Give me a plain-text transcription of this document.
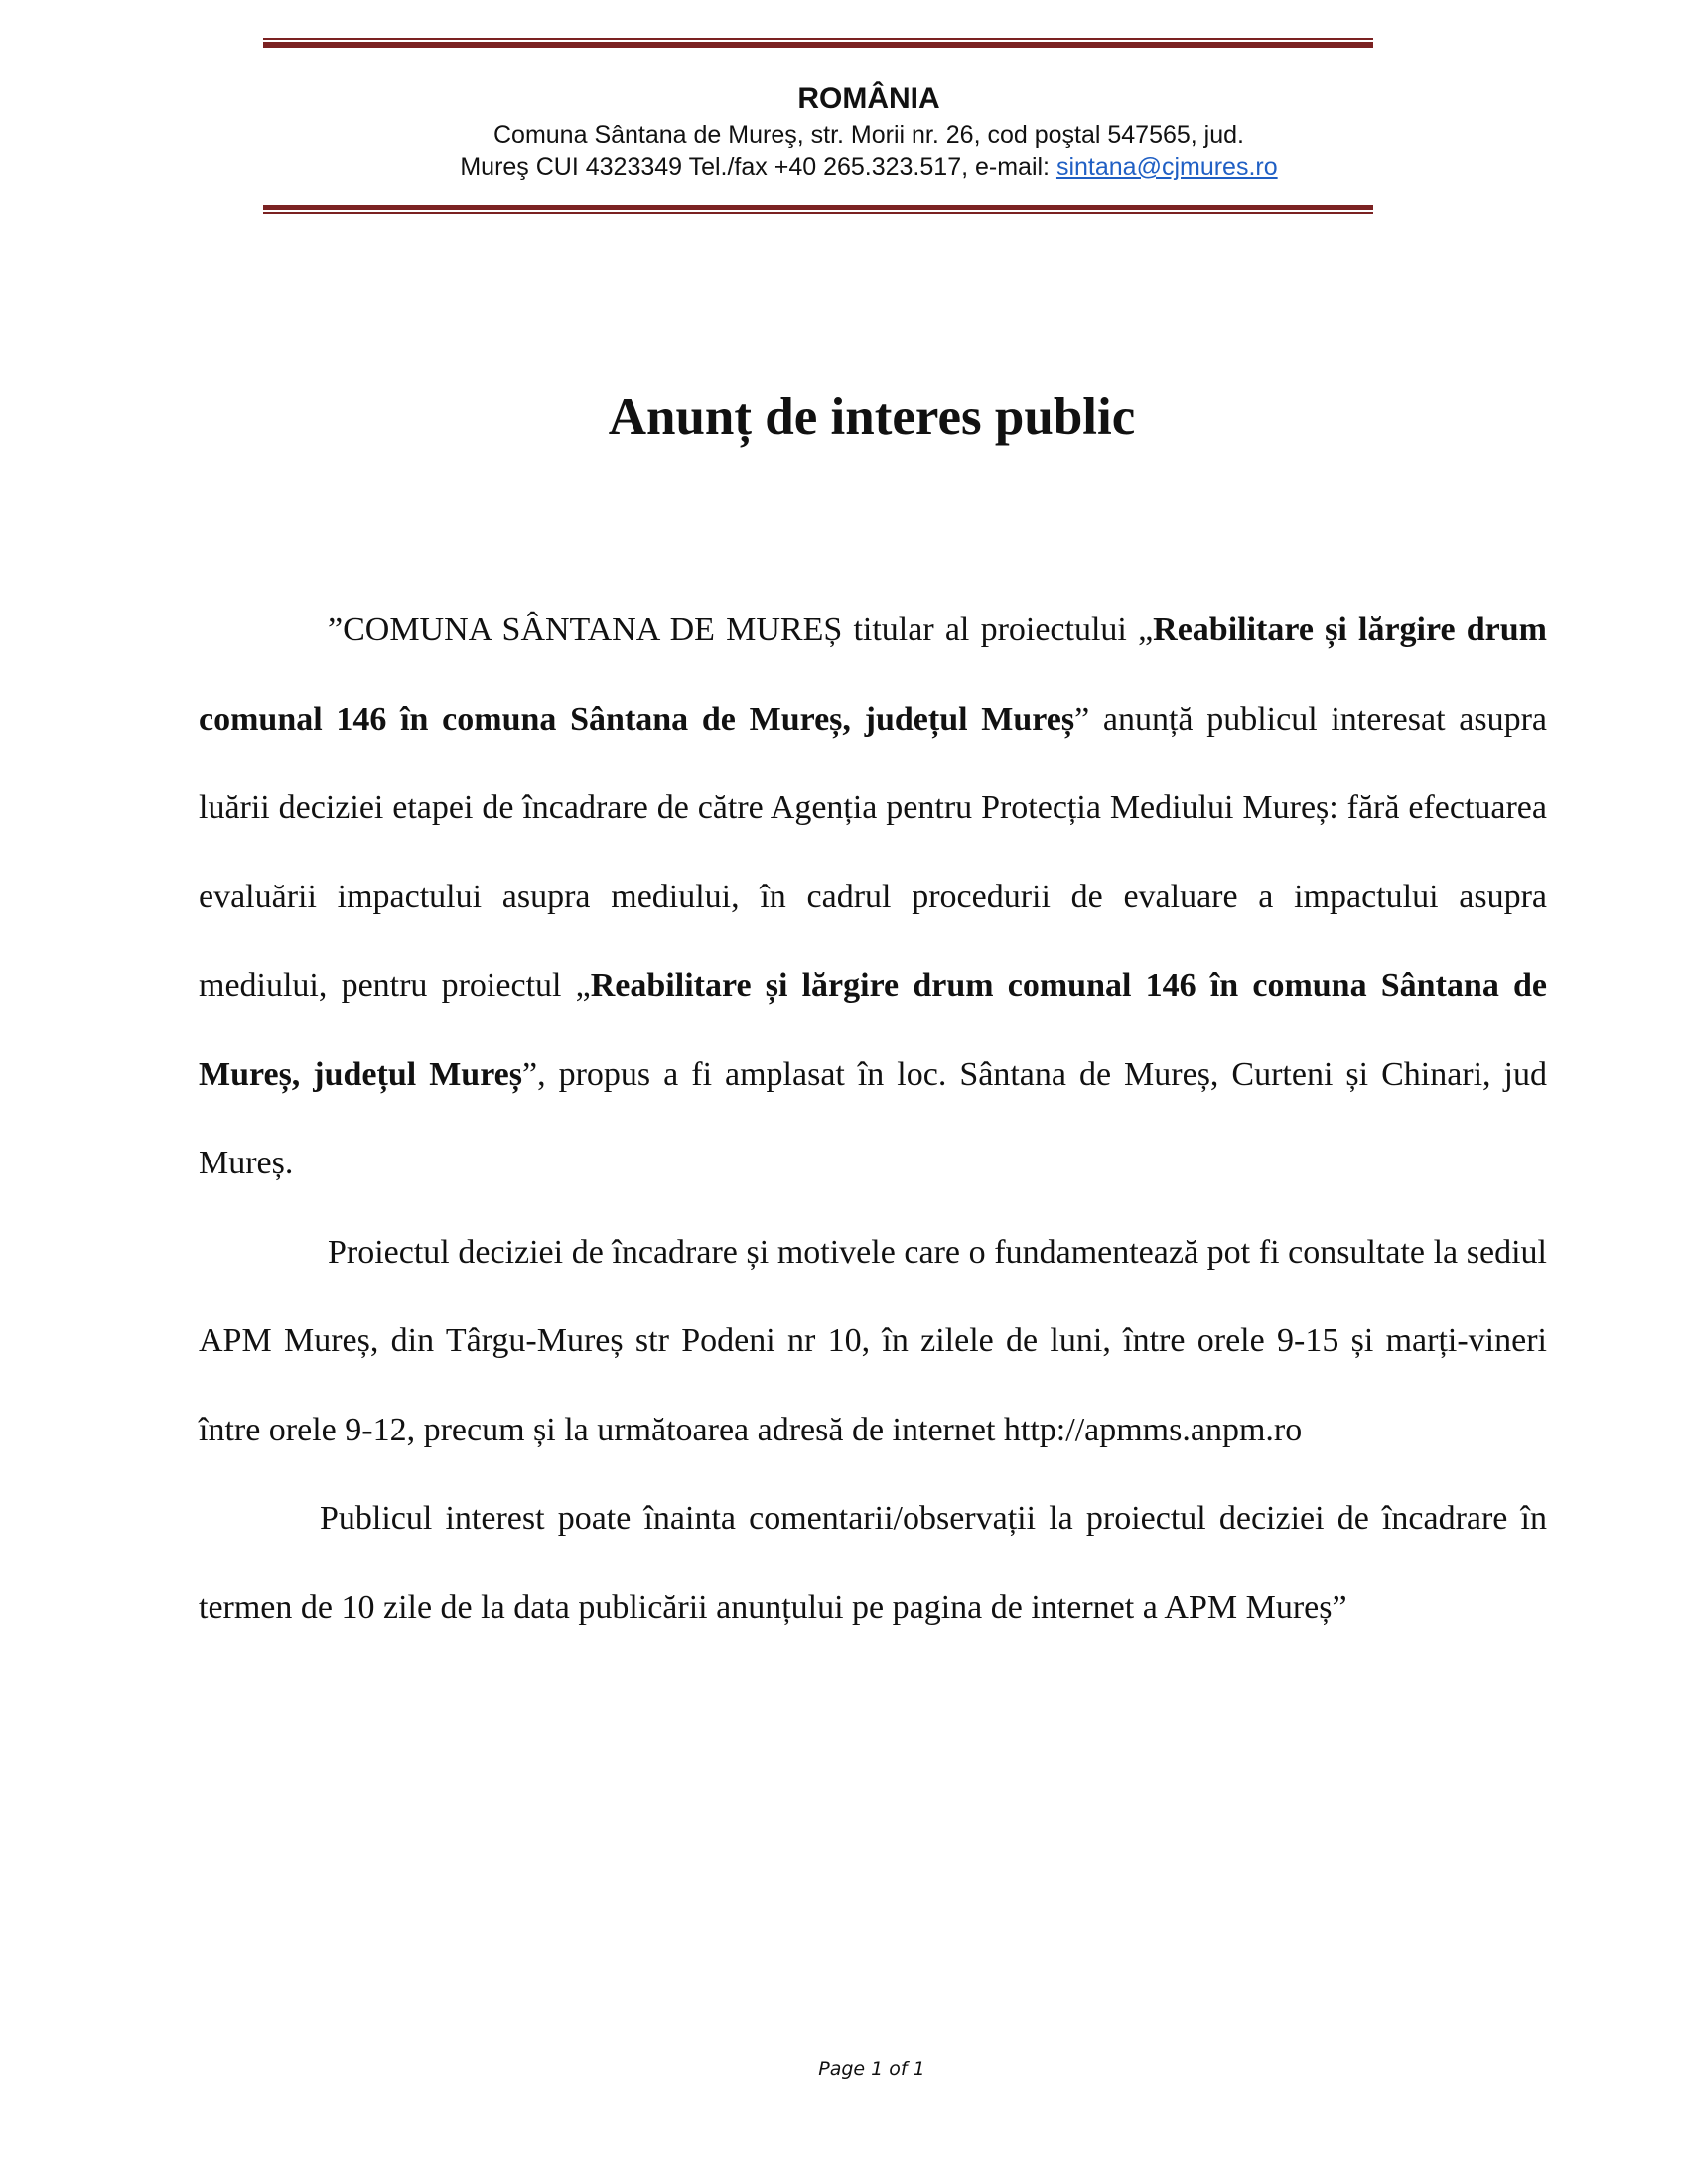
ROMÂNIA
Comuna Sântana de Mureş, str. Morii nr. 26, cod poştal 547565, jud.
Mureş CUI 4323349 Tel./fax +40 265.323.517, e-mail: sintana@cjmures.ro
Anunț de interes public

”COMUNA SÂNTANA DE MUREȘ titular al proiectului „Reabilitare și lărgire drum comunal 146 în comuna Sântana de Mureș, județul Mureș” anunță publicul interesat asupra luării deciziei etapei de încadrare de către Agenția pentru Protecția Mediului Mureș: fără efectuarea evaluării impactului asupra mediului, în cadrul procedurii de evaluare a impactului asupra mediului, pentru proiectul „Reabilitare și lărgire drum comunal 146 în comuna Sântana de Mureș, județul Mureș”, propus a fi amplasat în loc. Sântana de Mureș, Curteni și Chinari, jud Mureș.

Proiectul deciziei de încadrare și motivele care o fundamentează pot fi consultate la sediul APM Mureș, din Târgu-Mureș str Podeni nr 10, în zilele de luni, între orele 9-15 și marți-vineri între orele 9-12, precum și la următoarea adresă de internet http://apmms.anpm.ro

Publicul interest poate înainta comentarii/observații la proiectul deciziei de încadrare în termen de 10 zile de la data publicării anunțului pe pagina de internet a APM Mureș”

Page 1 of 1
